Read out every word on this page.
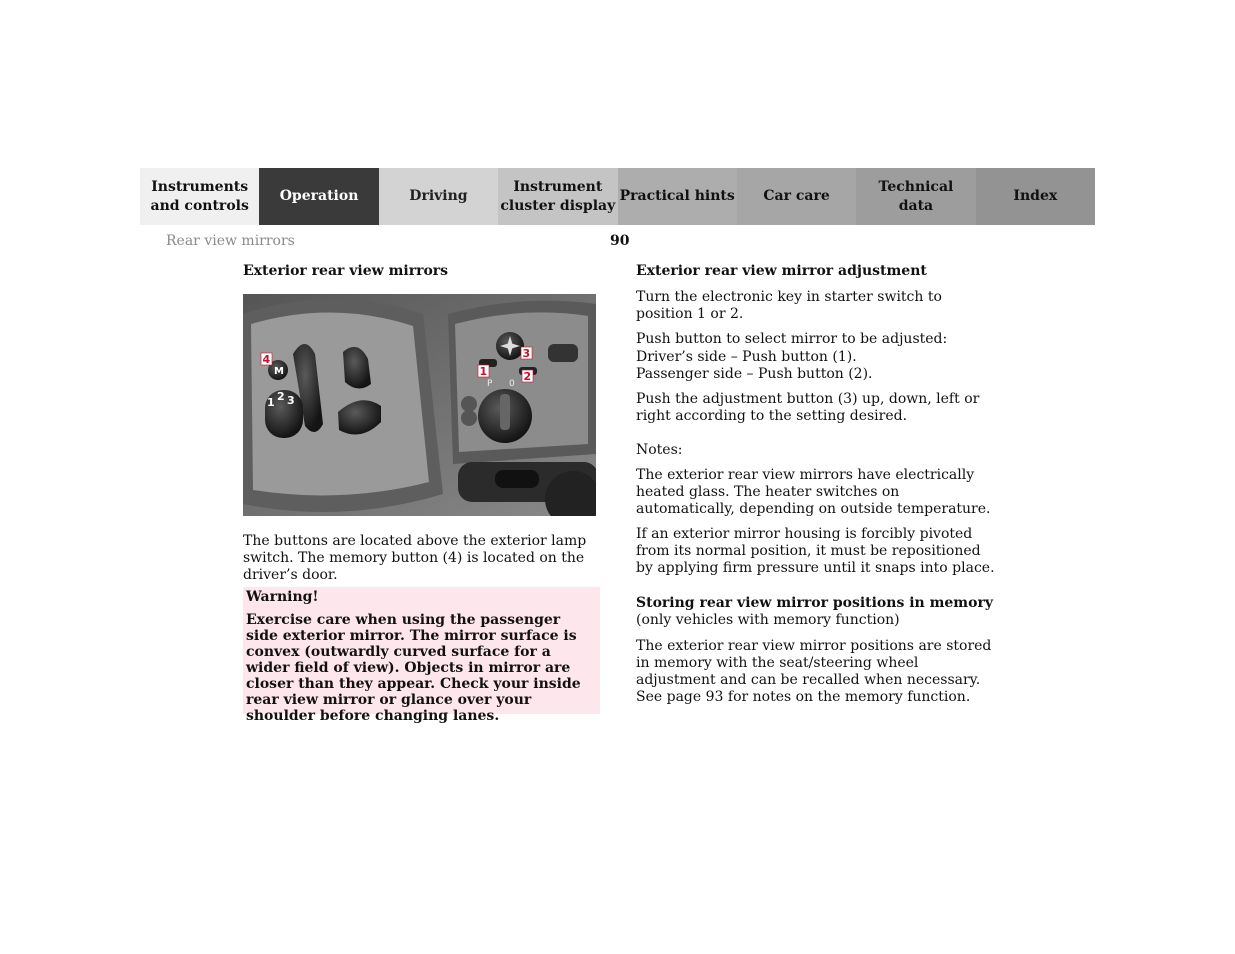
Instruments
and controls
Operation	Driving
Instrument
cluster display
Practical hints	Car care
Technical
data
Index
Rear view mirrors	90

Exterior rear view mirrors

M
1 2 3
P 0
4
1
3
2
The buttons are located above the exterior lamp switch. The memory button (4) is located on the driver’s door.
Warning!
Exercise care when using the passenger side exterior mirror. The mirror surface is convex (outwardly curved surface for a wider field of view). Objects in mirror are closer than they appear. Check your inside rear view mirror or glance over your shoulder before changing lanes.
Exterior rear view mirror adjustment
Turn the electronic key in starter switch to position 1 or 2.
Push button to select mirror to be adjusted:
Driver’s side – Push button (1).
Passenger side – Push button (2).
Push the adjustment button (3) up, down, left or right according to the setting desired.
Notes:
The exterior rear view mirrors have electrically heated glass. The heater switches on automatically, depending on outside temperature.
If an exterior mirror housing is forcibly pivoted from its normal position, it must be repositioned by applying firm pressure until it snaps into place.
Storing rear view mirror positions in memory
(only vehicles with memory function)
The exterior rear view mirror positions are stored in memory with the seat/steering wheel adjustment and can be recalled when necessary. See page 93 for notes on the memory function.
